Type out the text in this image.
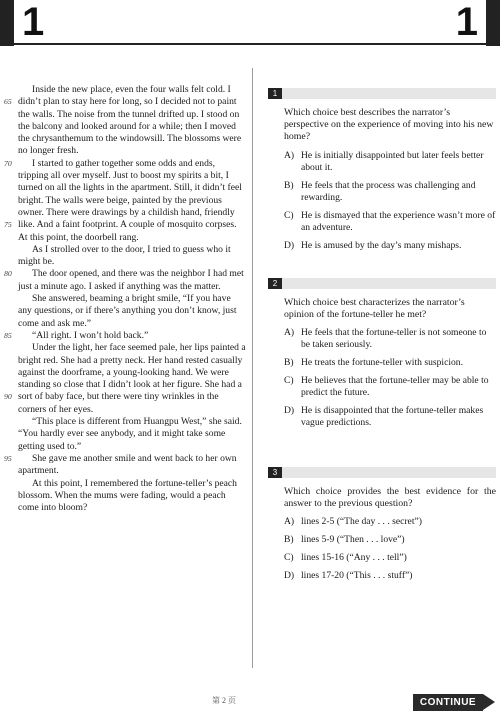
1	1
65
70
75
80
85
90
95

Inside the new place, even the four walls felt cold. I didn’t plan to stay here for long, so I decided not to paint the walls. The noise from the tunnel drifted up. I stood on the balcony and looked around for a while; then I moved the chrysanthemum to the windowsill. The blossoms were no longer fresh.

I started to gather together some odds and ends, tripping all over myself. Just to boost my spirits a bit, I turned on all the lights in the apartment. Still, it didn’t feel bright. The walls were beige, painted by the previous owner. There were drawings by a childish hand, friendly like. And a faint footprint. A couple of mosquito corpses. At this point, the doorbell rang.

As I strolled over to the door, I tried to guess who it might be.

The door opened, and there was the neighbor I had met just a minute ago. I asked if anything was the matter.

She answered, beaming a bright smile, “If you have any questions, or if there’s anything you don’t know, just come and ask me.”

“All right. I won’t hold back.”

Under the light, her face seemed pale, her lips painted a bright red. She had a pretty neck. Her hand rested casually against the doorframe, a young-looking hand. We were standing so close that I didn’t look at her figure. She had a sort of baby face, but there were tiny wrinkles in the corners of her eyes.

“This place is different from Huangpu West,” she said. “You hardly ever see anybody, and it might take some getting used to.”

She gave me another smile and went back to her own apartment.

At this point, I remembered the fortune-teller’s peach blossom. When the mums were fading, would a peach come into bloom?

1
Which choice best describes the narrator’s perspective on the experience of moving into his new home?
A) He is initially disappointed but later feels better about it.
B) He feels that the process was challenging and rewarding.
C) He is dismayed that the experience wasn’t more of an adventure.
D) He is amused by the day’s many mishaps.
2
Which choice best characterizes the narrator’s opinion of the fortune-teller he met?
A) He feels that the fortune-teller is not someone to be taken seriously.
B) He treats the fortune-teller with suspicion.
C) He believes that the fortune-teller may be able to predict the future.
D) He is disappointed that the fortune-teller makes vague predictions.
3
Which choice provides the best evidence for the answer to the previous question?
A) lines 2-5 (“The day . . . secret”)
B) lines 5-9 (“Then . . . love”)
C) lines 15-16 (“Any . . . tell”)
D) lines 17-20 (“This . . . stuff”)
第 2 页	CONTINUE
